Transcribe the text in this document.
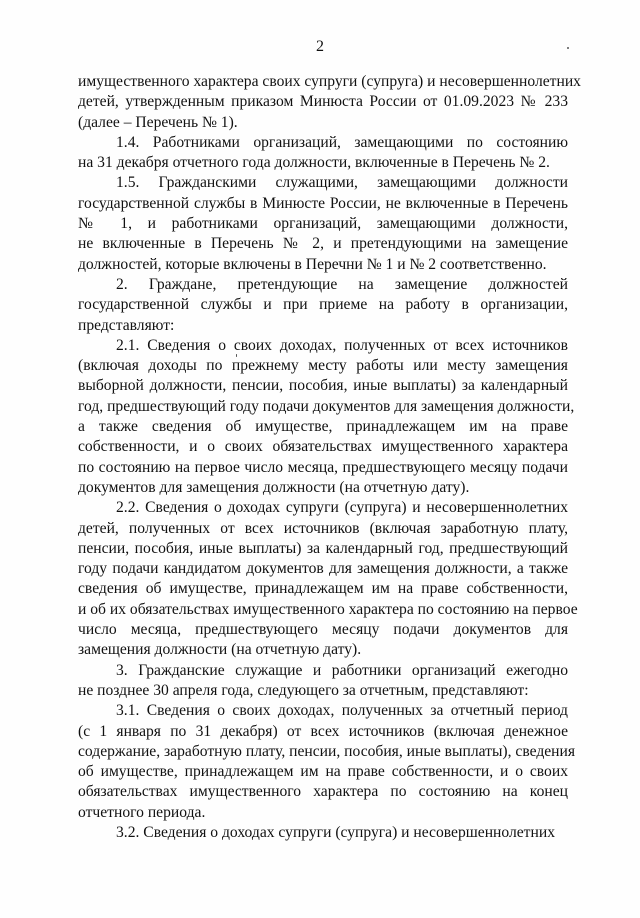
2
имущественного характера своих супруги (супруга) и несовершеннолетних
детей, утвержденным приказом Минюста России от 01.09.2023 № 233
(далее – Перечень № 1).
1.4. Работниками организаций, замещающими по состоянию
на 31 декабря отчетного года должности, включенные в Перечень № 2.
1.5. Гражданскими служащими, замещающими должности
государственной службы в Минюсте России, не включенные в Перечень
№ 1, и работниками организаций, замещающими должности,
не включенные в Перечень № 2, и претендующими на замещение
должностей, которые включены в Перечни № 1 и № 2 соответственно.
2. Граждане, претендующие на замещение должностей
государственной службы и при приеме на работу в организации,
представляют:
2.1. Сведения о своих доходах, полученных от всех источников
(включая доходы по прежнему месту работы или месту замещения
выборной должности, пенсии, пособия, иные выплаты) за календарный
год, предшествующий году подачи документов для замещения должности,
а также сведения об имуществе, принадлежащем им на праве
собственности, и о своих обязательствах имущественного характера
по состоянию на первое число месяца, предшествующего месяцу подачи
документов для замещения должности (на отчетную дату).
2.2. Сведения о доходах супруги (супруга) и несовершеннолетних
детей, полученных от всех источников (включая заработную плату,
пенсии, пособия, иные выплаты) за календарный год, предшествующий
году подачи кандидатом документов для замещения должности, а также
сведения об имуществе, принадлежащем им на праве собственности,
и об их обязательствах имущественного характера по состоянию на первое
число месяца, предшествующего месяцу подачи документов для
замещения должности (на отчетную дату).
3. Гражданские служащие и работники организаций ежегодно
не позднее 30 апреля года, следующего за отчетным, представляют:
3.1. Сведения о своих доходах, полученных за отчетный период
(с 1 января по 31 декабря) от всех источников (включая денежное
содержание, заработную плату, пенсии, пособия, иные выплаты), сведения
об имуществе, принадлежащем им на праве собственности, и о своих
обязательствах имущественного характера по состоянию на конец
отчетного периода.
3.2. Сведения о доходах супруги (супруга) и несовершеннолетних
